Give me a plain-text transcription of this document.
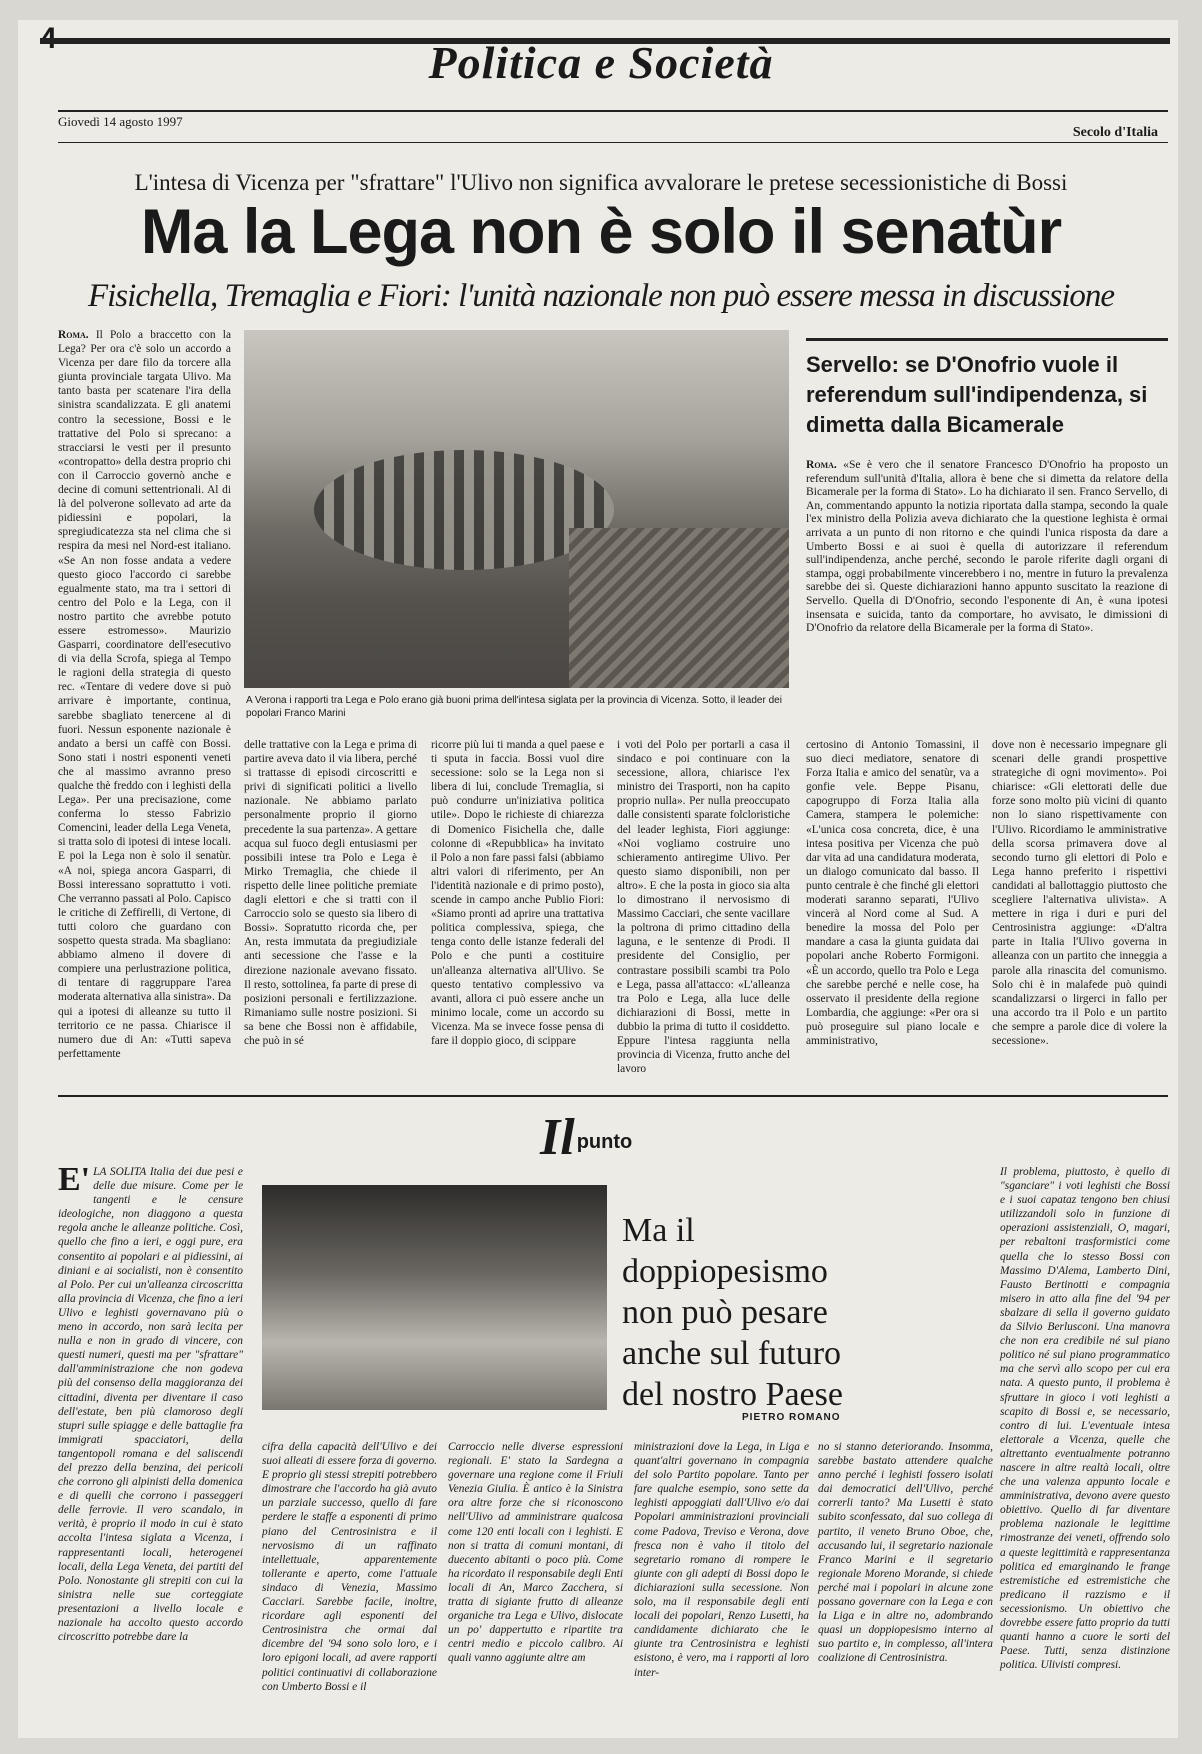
Politica e Società
Giovedì 14 agosto 1997
Secolo d'Italia
L'intesa di Vicenza per "sfrattare" l'Ulivo non significa avvalorare le pretese secessionistiche di Bossi
Ma la Lega non è solo il senatùr
Fisichella, Tremaglia e Fiori: l'unità nazionale non può essere messa in discussione
Roma. Il Polo a braccetto con la Lega? Per ora c'è solo un accordo a Vicenza per dare filo da torcere alla giunta provinciale targata Ulivo. Ma tanto basta per scatenare l'ira della sinistra scandalizzata. E gli anatemi contro la secessione, Bossi e le trattative del Polo si sprecano: a stracciarsi le vesti per il presunto «contropatto» della destra proprio chi con il Carroccio governò anche e decine di comuni settentrionali. Al di là del polverone sollevato ad arte da pidiessini e popolari, la spregiudicatezza sta nel clima che si respira da mesi nel Nord-est italiano. «Se An non fosse andata a vedere questo gioco l'accordo ci sarebbe egualmente stato, ma tra i settori di centro del Polo e la Lega, con il nostro partito che avrebbe potuto essere estromesso». Maurizio Gasparri, coordinatore dell'esecutivo di via della Scrofa, spiega al Tempo le ragioni della strategia di questo rec. «Tentare di vedere dove si può arrivare è importante, continua, sarebbe sbagliato tenercene al di fuori. Nessun esponente nazionale è andato a bersi un caffè con Bossi. Sono stati i nostri esponenti veneti che al massimo avranno preso qualche thè freddo con i leghisti della Lega». Per una precisazione, come conferma lo stesso Fabrizio Comencini, leader della Lega Veneta, si tratta solo di ipotesi di intese locali. E poi la Lega non è solo il senatùr. «A noi, spiega ancora Gasparri, di Bossi interessano soprattutto i voti. Che verranno passati al Polo. Capisco le critiche di Zeffirelli, di Vertone, di tutti coloro che guardano con sospetto questa strada. Ma sbagliano: abbiamo almeno il dovere di compiere una perlustrazione politica, di tentare di raggruppare l'area moderata alternativa alla sinistra». Da qui a ipotesi di alleanze su tutto il territorio ce ne passa. Chiarisce il numero due di An: «Tutti sapeva perfettamente
A Verona i rapporti tra Lega e Polo erano già buoni prima dell'intesa siglata per la provincia di Vicenza. Sotto, il leader dei popolari Franco Marini
Servello: se D'Onofrio vuole il referendum sull'indipendenza, si dimetta dalla Bicamerale
Roma. «Se è vero che il senatore Francesco D'Onofrio ha proposto un referendum sull'unità d'Italia, allora è bene che si dimetta da relatore della Bicamerale per la forma di Stato». Lo ha dichiarato il sen. Franco Servello, di An, commentando appunto la notizia riportata dalla stampa, secondo la quale l'ex ministro della Polizia aveva dichiarato che la questione leghista è ormai arrivata a un punto di non ritorno e che quindi l'unica risposta da dare a Umberto Bossi e ai suoi è quella di autorizzare il referendum sull'indipendenza, anche perché, secondo le parole riferite dagli organi di stampa, oggi probabilmente vincerebbero i no, mentre in futuro la prevalenza sarebbe dei sì. Queste dichiarazioni hanno appunto suscitato la reazione di Servello. Quella di D'Onofrio, secondo l'esponente di An, è «una ipotesi insensata e suicida, tanto da comportare, ho avvisato, le dimissioni di D'Onofrio da relatore della Bicamerale per la forma di Stato».
delle trattative con la Lega e prima di partire aveva dato il via libera, perché si trattasse di episodi circoscritti e privi di significati politici a livello nazionale. Ne abbiamo parlato personalmente proprio il giorno precedente la sua partenza». A gettare acqua sul fuoco degli entusiasmi per possibili intese tra Polo e Lega è Mirko Tremaglia, che chiede il rispetto delle linee politiche premiate dagli elettori e che si tratti con il Carroccio solo se questo sia libero di Bossi». Sopratutto ricorda che, per An, resta immutata da pregiudiziale anti secessione che l'asse e la direzione nazionale avevano fissato. Il resto, sottolinea, fa parte di prese di posizioni personali e fertilizzazione. Rimaniamo sulle nostre posizioni. Si sa bene che Bossi non è affidabile, che può in sé
ricorre più lui ti manda a quel paese e ti sputa in faccia. Bossi vuol dire secessione: solo se la Lega non si libera di lui, conclude Tremaglia, si può condurre un'iniziativa politica utile». Dopo le richieste di chiarezza di Domenico Fisichella che, dalle colonne di «Repubblica» ha invitato il Polo a non fare passi falsi (abbiamo altri valori di riferimento, per An l'identità nazionale e di primo posto), scende in campo anche Publio Fiori: «Siamo pronti ad aprire una trattativa politica complessiva, spiega, che tenga conto delle istanze federali del Polo e che punti a costituire un'alleanza alternativa all'Ulivo. Se questo tentativo complessivo va avanti, allora ci può essere anche un minimo locale, come un accordo su Vicenza. Ma se invece fosse pensa di fare il doppio gioco, di scippare
i voti del Polo per portarli a casa il sindaco e poi continuare con la secessione, allora, chiarisce l'ex ministro dei Trasporti, non ha capito proprio nulla». Per nulla preoccupato dalle consistenti sparate folcloristiche del leader leghista, Fiori aggiunge: «Noi vogliamo costruire uno schieramento antiregime Ulivo. Per questo siamo disponibili, non per altro». E che la posta in gioco sia alta lo dimostrano il nervosismo di Massimo Cacciari, che sente vacillare la poltrona di primo cittadino della laguna, e le sentenze di Prodi. Il presidente del Consiglio, per contrastare possibili scambi tra Polo e Lega, passa all'attacco: «L'alleanza tra Polo e Lega, alla luce delle dichiarazioni di Bossi, mette in dubbio la prima di tutto il cosiddetto. Eppure l'intesa raggiunta nella provincia di Vicenza, frutto anche del lavoro
certosino di Antonio Tomassini, il suo dieci mediatore, senatore di Forza Italia e amico del senatùr, va a gonfie vele. Beppe Pisanu, capogruppo di Forza Italia alla Camera, stampera le polemiche: «L'unica cosa concreta, dice, è una intesa positiva per Vicenza che può dar vita ad una candidatura moderata, un dialogo comunicato dal basso. Il punto centrale è che finché gli elettori moderati saranno separati, l'Ulivo vincerà al Nord come al Sud. A benedire la mossa del Polo per mandare a casa la giunta guidata dai popolari anche Roberto Formigoni. «È un accordo, quello tra Polo e Lega che sarebbe perché e nelle cose, ha osservato il presidente della regione Lombardia, che aggiunge: «Per ora si può proseguire sul piano locale e amministrativo,
dove non è necessario impegnare gli scenari delle grandi prospettive strategiche di ogni movimento». Poi chiarisce: «Gli elettorati delle due forze sono molto più vicini di quanto non lo siano rispettivamente con l'Ulivo. Ricordiamo le amministrative della scorsa primavera dove al secondo turno gli elettori di Polo e Lega hanno preferito i rispettivi candidati al ballottaggio piuttosto che scegliere l'alternativa ulivista». A mettere in riga i duri e puri del Centrosinistra aggiunge: «D'altra parte in Italia l'Ulivo governa in alleanza con un partito che inneggia a parole alla rinascita del comunismo. Solo chi è in malafede può quindi scandalizzarsi o lirgerci in fallo per una accordo tra il Polo e un partito che sempre a parole dice di volere la secessione».
Il punto
E' LA SOLITA Italia dei due pesi e delle due misure. Come per le tangenti e le censure ideologiche, non diaggono a questa regola anche le alleanze politiche. Così, quello che fino a ieri, e oggi pure, era consentito ai popolari e ai pidiessini, ai diniani e ai socialisti, non è consentito al Polo. Per cui un'alleanza circoscritta alla provincia di Vicenza, che fino a ieri Ulivo e leghisti governavano più o meno in accordo, non sarà lecita per nulla e non in grado di vincere, con questi numeri, questi ma per "sfrattare" dall'amministrazione che non godeva più del consenso della maggioranza dei cittadini, diventa per diventare il caso dell'estate, ben più clamoroso degli stupri sulle spiagge e delle battaglie fra immigrati spacciatori, della tangentopoli romana e del saliscendi del prezzo della benzina, dei pericoli che corrono gli alpinisti della domenica e di quelli che corrono i passeggeri delle ferrovie. Il vero scandalo, in verità, è proprio il modo in cui è stato accolta l'intesa siglata a Vicenza, i rappresentanti locali, heterogenei locali, della Lega Veneta, dei partiti del Polo. Nonostante gli strepiti con cui la sinistra nelle sue corteggiate presentazioni a livello locale e nazionale ha accolto questo accordo circoscritto potrebbe dare la
Ma il doppiopesismo non può pesare anche sul futuro del nostro Paese
PIETRO ROMANO
cifra della capacità dell'Ulivo e dei suoi alleati di essere forza di governo. E proprio gli stessi strepiti potrebbero dimostrare che l'accordo ha già avuto un parziale successo, quello di fare perdere le staffe a esponenti di primo piano del Centrosinistra e il nervosismo di un raffinato intellettuale, apparentemente tollerante e aperto, come l'attuale sindaco di Venezia, Massimo Cacciari. Sarebbe facile, inoltre, ricordare agli esponenti del Centrosinistra che ormai dal dicembre del '94 sono solo loro, e i loro epigoni locali, ad avere rapporti politici continuativi di collaborazione con Umberto Bossi e il
Carroccio nelle diverse espressioni regionali. E' stato la Sardegna a governare una regione come il Friuli Venezia Giulia. È antico è la Sinistra ora altre forze che si riconoscono nell'Ulivo ad amministrare qualcosa come 120 enti locali con i leghisti. E non si tratta di comuni montani, di duecento abitanti o poco più. Come ha ricordato il responsabile degli Enti locali di An, Marco Zacchera, si tratta di sigiante frutto di alleanze organiche tra Lega e Ulivo, dislocate un po' dappertutto e ripartite tra centri medio e piccolo calibro. Ai quali vanno aggiunte altre am
ministrazioni dove la Lega, in Liga e quant'altri governano in compagnia del solo Partito popolare. Tanto per fare qualche esempio, sono sette da leghisti appoggiati dall'Ulivo e/o dai Popolari amministrazioni provinciali come Padova, Treviso e Verona, dove fresca non è vaho il titolo del segretario romano di rompere le giunte con gli adepti di Bossi dopo le dichiarazioni sulla secessione. Non solo, ma il responsabile degli enti locali dei popolari, Renzo Lusetti, ha candidamente dichiarato che le giunte tra Centrosinistra e leghisti esistono, è vero, ma i rapporti al loro inter-
no si stanno deteriorando. Insomma, sarebbe bastato attendere qualche anno perché i leghisti fossero isolati dai democratici dell'Ulivo, perché correrli tanto? Ma Lusetti è stato subito sconfessato, dal suo collega di partito, il veneto Bruno Oboe, che, accusando lui, il segretario nazionale Franco Marini e il segretario regionale Moreno Morande, si chiede perché mai i popolari in alcune zone possano governare con la Lega e con la Liga e in altre no, adombrando quasi un doppiopesismo interno al suo partito e, in complesso, all'intera coalizione di Centrosinistra.
Il problema, piuttosto, è quello di "sganciare" i voti leghisti che Bossi e i suoi capataz tengono ben chiusi utilizzandoli solo in funzione di operazioni assistenziali, O, magari, per rebaltoni trasformistici come quella che lo stesso Bossi con Massimo D'Alema, Lamberto Dini, Fausto Bertinotti e compagnia misero in atto alla fine del '94 per sbalzare di sella il governo guidato da Silvio Berlusconi. Una manovra che non era credibile né sul piano politico né sul piano programmatico ma che servì allo scopo per cui era nata. A questo punto, il problema è sfruttare in gioco i voti leghisti a scapito di Bossi e, se necessario, contro di lui. L'eventuale intesa elettorale a Vicenza, quelle che altrettanto eventualmente potranno nascere in altre realtà locali, oltre che una valenza appunto locale e amministrativa, devono avere questo obiettivo. Quello di far diventare problema nazionale le legittime rimostranze dei veneti, offrendo solo a queste legittimità e rappresentanza politica ed emarginando le frange estremistiche ed estremistiche che predicano il razzismo e il secessionismo. Un obiettivo che dovrebbe essere fatto proprio da tutti quanti hanno a cuore le sorti del Paese. Tutti, senza distinzione politica. Ulivisti compresi.
